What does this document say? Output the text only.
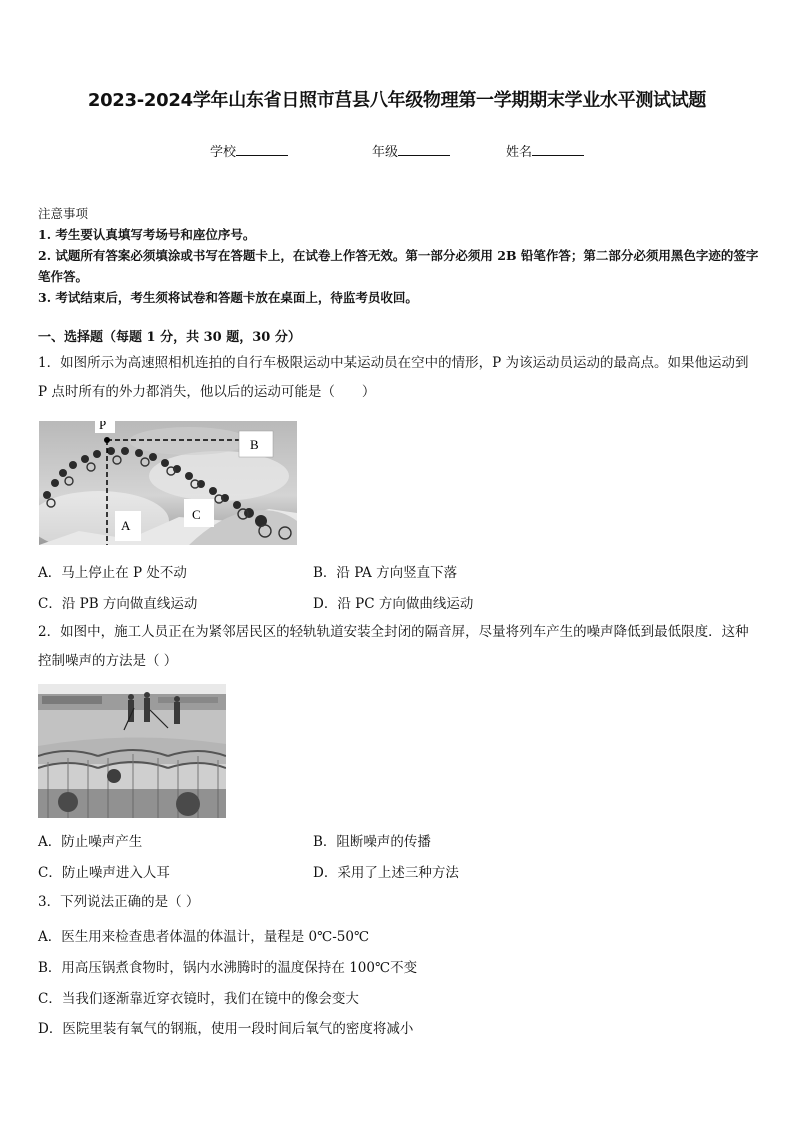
2023-2024学年山东省日照市莒县八年级物理第一学期期末学业水平测试试题
学校	年级	姓名
注意事项
1. 考生要认真填写考场号和座位序号。
2. 试题所有答案必须填涂或书写在答题卡上，在试卷上作答无效。第一部分必须用 2B 铅笔作答；第二部分必须用黑色字迹的签字笔作答。
3. 考试结束后，考生须将试卷和答题卡放在桌面上，待监考员收回。
一、选择题（每题 1 分，共 30 题，30 分）
1．如图所示为高速照相机连拍的自行车极限运动中某运动员在空中的情形，P 为该运动员运动的最高点。如果他运动到 P 点时所有的外力都消失，他以后的运动可能是（　　）
P
B
A
C
A．马上停止在 P 处不动	B．沿 PA 方向竖直下落
C．沿 PB 方向做直线运动	D．沿 PC 方向做曲线运动
2．如图中，施工人员正在为紧邻居民区的轻轨轨道安装全封闭的隔音屏，尽量将列车产生的噪声降低到最低限度．这种控制噪声的方法是（ ）
A．防止噪声产生	B．阻断噪声的传播
C．防止噪声进入人耳	D．采用了上述三种方法
3．下列说法正确的是（ ）
A．医生用来检查患者体温的体温计，量程是 0℃-50℃
B．用高压锅煮食物时，锅内水沸腾时的温度保持在 100℃不变
C．当我们逐渐靠近穿衣镜时，我们在镜中的像会变大
D．医院里装有氧气的钢瓶，使用一段时间后氧气的密度将减小
